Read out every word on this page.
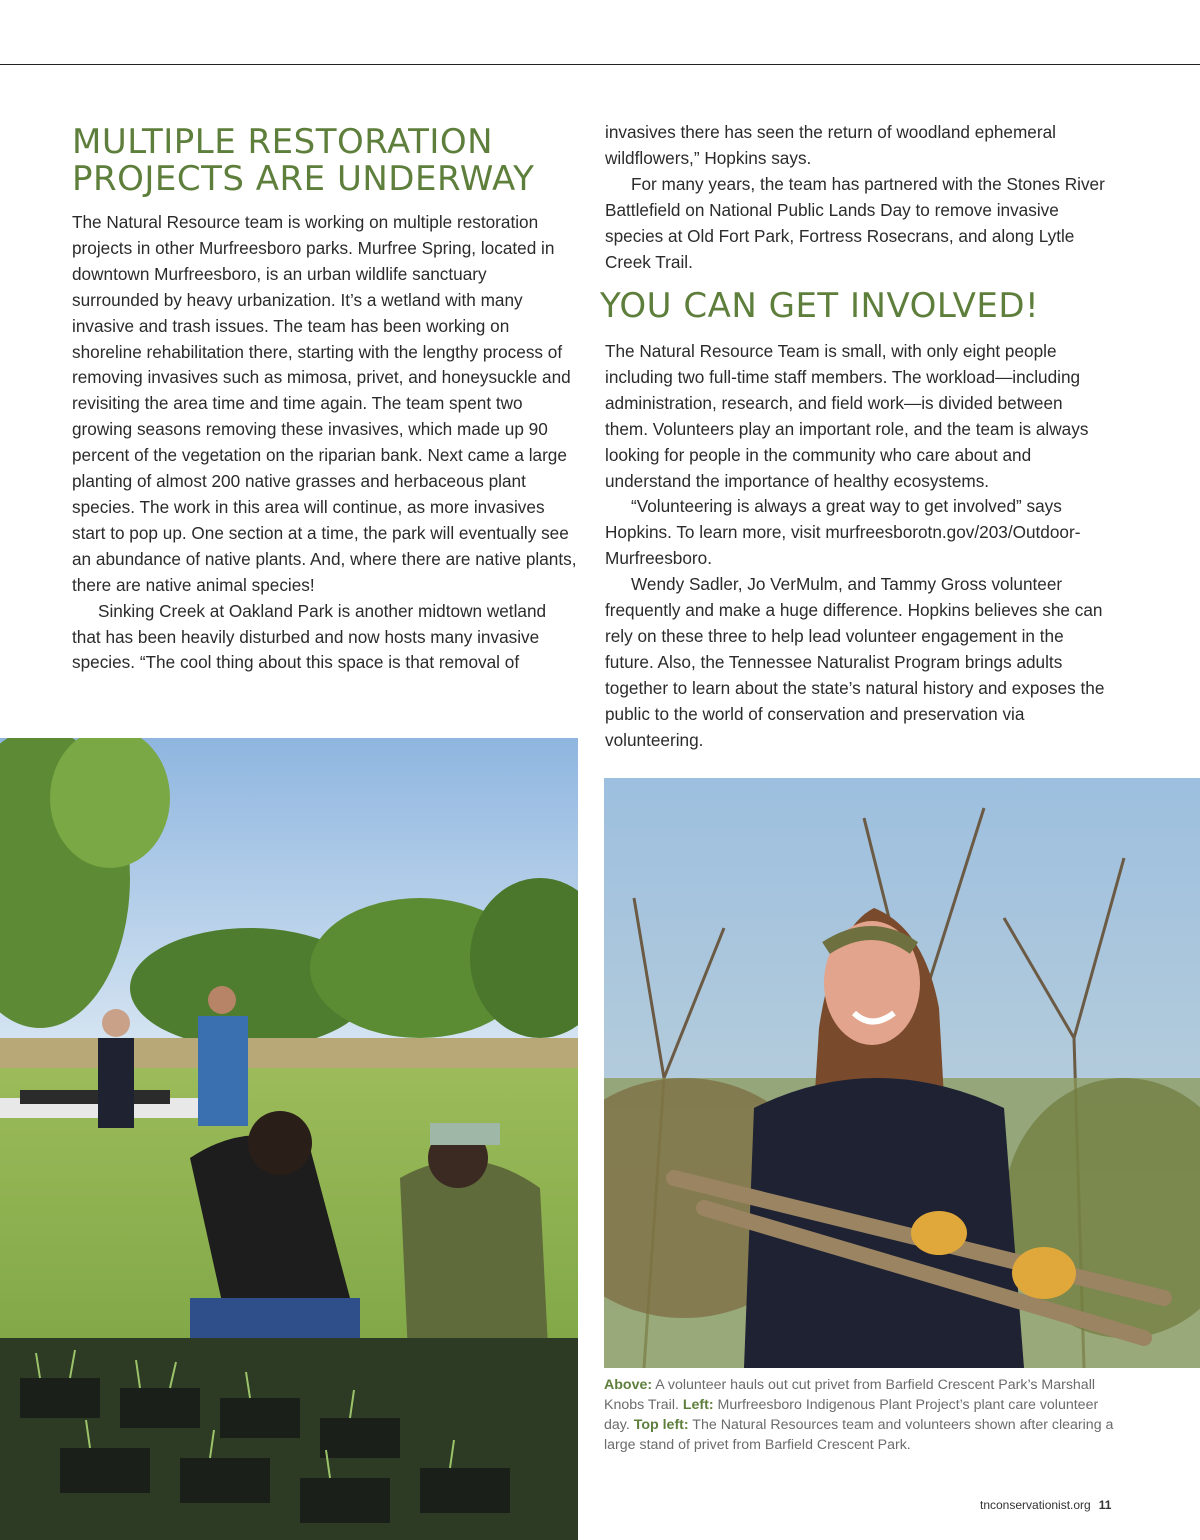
MULTIPLE RESTORATION PROJECTS ARE UNDERWAY

The Natural Resource team is working on multiple restoration projects in other Murfreesboro parks. Murfree Spring, located in downtown Murfreesboro, is an urban wildlife sanctuary surrounded by heavy urbanization. It’s a wetland with many invasive and trash issues. The team has been working on shoreline rehabilitation there, starting with the lengthy process of removing invasives such as mimosa, privet, and honeysuckle and revisiting the area time and time again. The team spent two growing seasons removing these invasives, which made up 90 percent of the vegetation on the riparian bank. Next came a large planting of almost 200 native grasses and herbaceous plant species. The work in this area will continue, as more invasives start to pop up. One section at a time, the park will eventually see an abundance of native plants. And, where there are native plants, there are native animal species!

Sinking Creek at Oakland Park is another midtown wetland that has been heavily disturbed and now hosts many invasive species. “The cool thing about this space is that removal of

invasives there has seen the return of woodland ephemeral wildflowers,” Hopkins says.

For many years, the team has partnered with the Stones River Battlefield on National Public Lands Day to remove invasive species at Old Fort Park, Fortress Rosecrans, and along Lytle Creek Trail.

YOU CAN GET INVOLVED!

The Natural Resource Team is small, with only eight people including two full-time staff members. The workload—including administration, research, and field work—is divided between them. Volunteers play an important role, and the team is always looking for people in the community who care about and understand the importance of healthy ecosystems.

“Volunteering is always a great way to get involved” says Hopkins. To learn more, visit murfreesborotn.gov/203/Outdoor-Murfreesboro.

Wendy Sadler, Jo VerMulm, and Tammy Gross volunteer frequently and make a huge difference. Hopkins believes she can rely on these three to help lead volunteer engagement in the future. Also, the Tennessee Naturalist Program brings adults together to learn about the state’s natural history and exposes the public to the world of conservation and preservation via volunteering.

Above: A volunteer hauls out cut privet from Barfield Crescent Park’s Marshall Knobs Trail. Left: Murfreesboro Indigenous Plant Project’s plant care volunteer day. Top left: The Natural Resources team and volunteers shown after clearing a large stand of privet from Barfield Crescent Park.
tnconservationist.org 11
